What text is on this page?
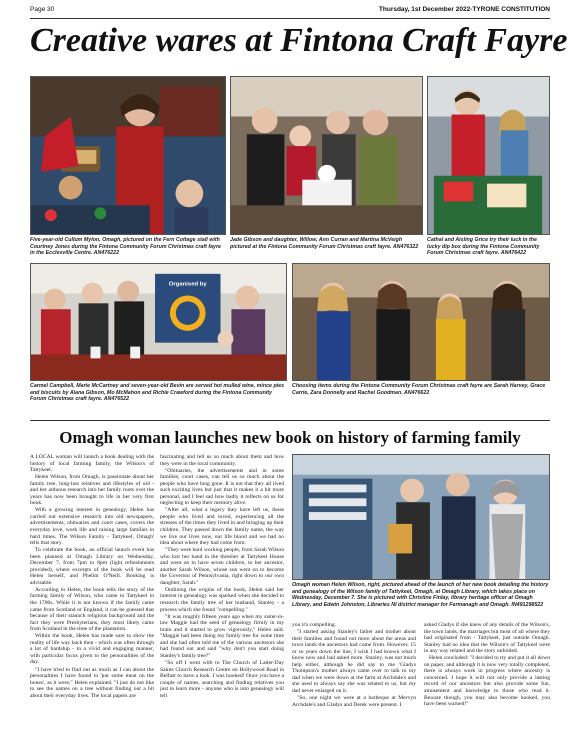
Page 30	Thursday, 1st December 2022-TYRONE CONSTITUTION
Creative wares at Fintona Craft Fayre

Five-year-old Cullum Mylon, Omagh, pictured on the Fern Cottage stall with Courtney Jones during the Fintona Community Forum Christmas craft fayre in the Ecclesville Centre. AN476222

Jade Gibson and daughter, Willow, Ann Curran and Martina McVeigh pictured at the Fintona Community Forum Christmas craft fayre. AN476322

Cathal and Aisling Grice try their luck in the lucky dip box during the Fintona Community Forum Christmas craft fayre. AN476422

Organised by

Carmel Campbell, Marie McCartney and seven-year-old Bevin are served hot mulled wine, mince pies and biscuits by Alana Gibson, Mo McMahon and Richie Crawford during the Fintona Community Forum Christmas craft fayre. AN476522

Choosing items during the Fintona Community Forum Christmas craft fayre are Sarah Harvey, Grace Carrie, Zara Donnelly and Rachel Goodman. AN476622

Omagh woman launches new book on history of farming family

A LOCAL woman will launch a book dealing with the history of local farming family, the Wilson's of Tattykeel.

Helen Wilson, from Omagh, is passionate about her family tree, long-lost relatives and lifestyles of old - and her arduous research into her family roots over the years has now been brought to life in her very first book.

With a growing interest in genealogy, Helen has carried out extensive research into old newspapers, advertisements, obituaries and court cases, covers the everyday love, work life and raising large families in hard times. The Wilson Family - Tattykeel, Omagh' tells that story.

To celebrate the book, an official launch event has been planned at Omagh Library on Wednesday, December 7, from 7pm to 8pm (light refreshments provided), where excerpts of the book will be read Helen herself, and Phelim O'Neill. Booking is advisable.

According to Helen, the book tells the story of the farming family of Wilson, who came to Tattykeel in the 1700s. While it is not known if the family came came from Scotland or England, it can be guessed that because of their staunch religious background and the fact they were Presbyterians, they most likely came from Scotland in the time of the plantation.

Within the book, Helen has made sure to show the reality of life way back then - which was often through a lot of hardship - in a vivid and engaging manner, with particular focus given to the personalities of the day.

"I have tried to find out as much as I can about the personalities I have found to 'put some meat on the bones', as it were," Helen explained. "I just do not like to see the names on a tree without finding out a bit about their everyday lives. The local papers are

fascinating and tell us so much about them and how they were in the local community.

"Obituaries, the advertisements and in some families, court cases, can tell us so much about the people who have long gone. It is not that they all lived such exciting lives but just that it makes it a bit more personal, and I feel sad how badly it reflects on us for neglecting to keep their memory alive.

"After all, what a legacy they have left us, those people who lived and loved, experiencing all the stresses of the times they lived in and bringing up their children. They passed down the family name, the way we live our lives now, our life blood and we had no idea about where they had come from.

"They were hard working people, from Sarah Wilson who lost her hand in the thresher at Tattykeel House and went on to have seven children, to her ancestor, another Sarah Wilson, whose son went on to become the Governor of Pennsylvania, right down to our own daughter, Sarah."

Outlining the origins of the book, Helen said her interest in genealogy was sparked when she decided to research the family tree of her husband, Stanley - a process which she found "compelling."

"It was roughly fifteen years ago when my sister-in-law Maggie had the seed of genealogy firmly in my brain and it started to grow vigorously," Helen said. "Maggie had been doing my family tree for some time and she had often told me of the various ancestors she had found out and said "why don't you start doing Stanley's family tree?"

"So off I went with to The Church of Latter-Day Saints Church Research Centre on Hollywood Road in Belfast to have a look. I was hooked! Once you have a couple of names, searching and finding relatives you just to learn more - anyone who is into genealogy will tell

Omagh woman Helen Wilson, right, pictured ahead of the launch of her new book detailing the history and genealogy of the Wilson family of Tattykeel, Omagh, at Omagh Library, which takes place on Wednesday, December 7. She is pictured with Christine Finlay, library heritage officer at Omagh Library, and Edwin Johnston, Libraries NI district manager for Fermanagh and Omagh. IN491298522

you it's compelling.

"I started asking Stanley's father and mother about their families and found out more about the areas and town lands the ancestors had come from. However, 15 or so years down the line, I wish I had known what I know now and had asked more. Stanley, was not much help either, although he did say to me 'Gladys Thompson's mother always came over to talk to my dad when we were down at the farm at Archdale's and she used to always say she was related to us, but my dad never enlarged on it.

"So, one night we were at a barbeque at Mervyn Archdale's and Gladys and Derek were present. I

asked Gladys if she knew of any details of the Wilson's, the town lands, the marriages but most of all where they had originated from - Tattykeel, just outside Omagh. Stanley had no idea that the Wilson's of Tattykeel were in any way related and the story unfolded.

Helen concluded: "I decided to try and put it all down on paper, and although it is now very totally completed, there is always work in progress where ancestry is concerned. I hope it will not only provide a lasting record of our ancestors but also provide some fun, amusement and knowledge to those who read it. Beware though, you may also become hooked, you have been warned!"
